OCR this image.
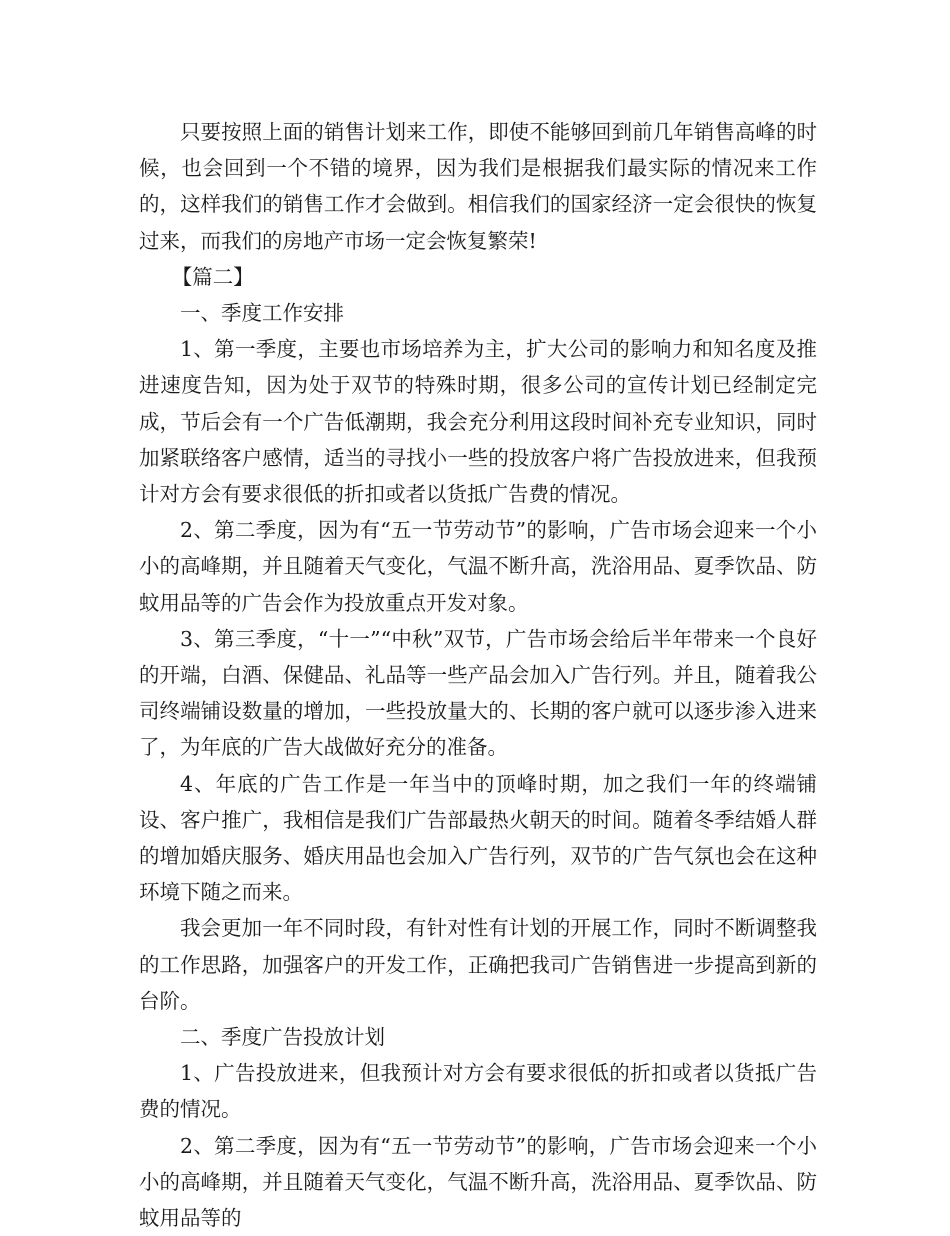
只要按照上面的销售计划来工作，即使不能够回到前几年销售高峰的时候，也会回到一个不错的境界，因为我们是根据我们最实际的情况来工作的，这样我们的销售工作才会做到。相信我们的国家经济一定会很快的恢复过来，而我们的房地产市场一定会恢复繁荣!

【篇二】

一、季度工作安排

1、第一季度，主要也市场培养为主，扩大公司的影响力和知名度及推进速度告知，因为处于双节的特殊时期，很多公司的宣传计划已经制定完成，节后会有一个广告低潮期，我会充分利用这段时间补充专业知识，同时加紧联络客户感情，适当的寻找小一些的投放客户将广告投放进来，但我预计对方会有要求很低的折扣或者以货抵广告费的情况。

2、第二季度，因为有“五一节劳动节”的影响，广告市场会迎来一个小小的高峰期，并且随着天气变化，气温不断升高，洗浴用品、夏季饮品、防蚊用品等的广告会作为投放重点开发对象。

3、第三季度，“十一”“中秋”双节，广告市场会给后半年带来一个良好的开端，白酒、保健品、礼品等一些产品会加入广告行列。并且，随着我公司终端铺设数量的增加，一些投放量大的、长期的客户就可以逐步渗入进来了，为年底的广告大战做好充分的准备。

4、年底的广告工作是一年当中的顶峰时期，加之我们一年的终端铺设、客户推广，我相信是我们广告部最热火朝天的时间。随着冬季结婚人群的增加婚庆服务、婚庆用品也会加入广告行列，双节的广告气氛也会在这种环境下随之而来。

我会更加一年不同时段，有针对性有计划的开展工作，同时不断调整我的工作思路，加强客户的开发工作，正确把我司广告销售进一步提高到新的台阶。

二、季度广告投放计划

1、广告投放进来，但我预计对方会有要求很低的折扣或者以货抵广告费的情况。

2、第二季度，因为有“五一节劳动节”的影响，广告市场会迎来一个小小的高峰期，并且随着天气变化，气温不断升高，洗浴用品、夏季饮品、防蚊用品等的
